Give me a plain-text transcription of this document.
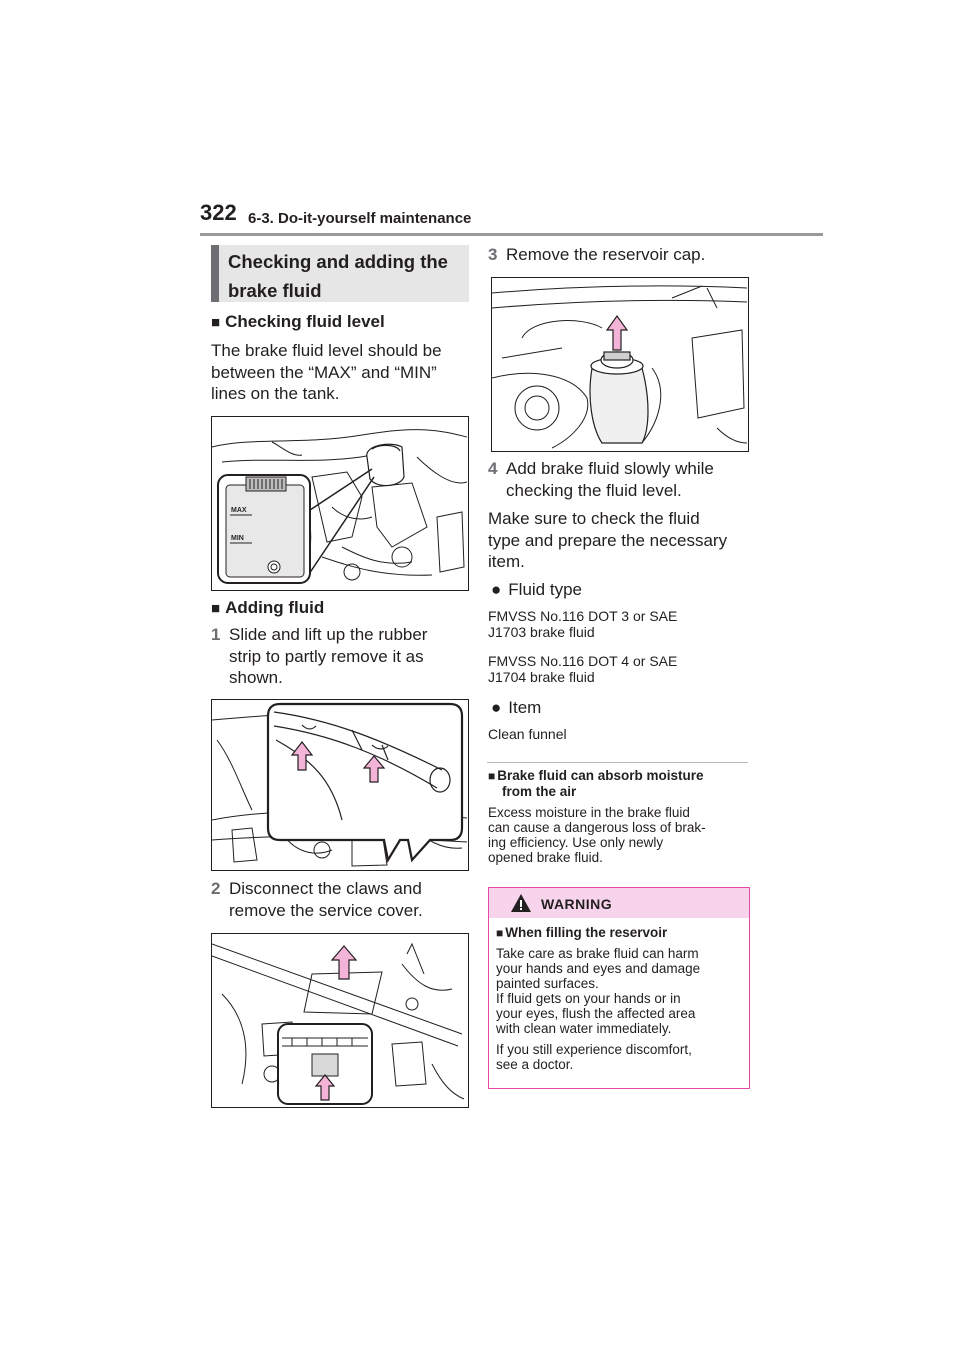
322 6-3. Do-it-yourself maintenance
Checking and adding the
brake fluid
■ Checking fluid level
The brake fluid level should be
between the “MAX” and “MIN”
lines on the tank.
MAX
MIN
■ Adding fluid
1 Slide and lift up the rubber
strip to partly remove it as
shown.
2 Disconnect the claws and
remove the service cover.
3 Remove the reservoir cap.
4 Add brake fluid slowly while
checking the fluid level.
Make sure to check the fluid
type and prepare the necessary
item.
● Fluid type
FMVSS No.116 DOT 3 or SAE
J1703 brake fluid
FMVSS No.116 DOT 4 or SAE
J1704 brake fluid
● Item
Clean funnel
■ Brake fluid can absorb moisture
from the air
Excess moisture in the brake fluid
can cause a dangerous loss of brak-
ing efficiency. Use only newly
opened brake fluid.
WARNING
■ When filling the reservoir
Take care as brake fluid can harm
your hands and eyes and damage
painted surfaces.
If fluid gets on your hands or in
your eyes, flush the affected area
with clean water immediately.
If you still experience discomfort,
see a doctor.
